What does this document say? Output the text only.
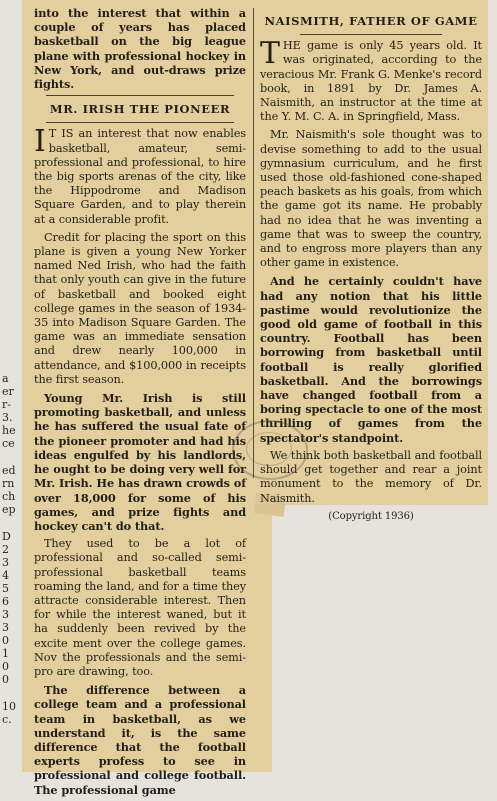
a
er
r-
3.
he
ce
ed
rn
ch
ep
D
2
3
4
5
6
3
3
0
1
0
0
10
c.

into the interest that within a couple of years has placed basketball on the big league plane with professional hockey in New York, and out-draws prize fights.

MR. IRISH THE PIONEER

I T IS an interest that now enables basketball, amateur, semi-professional and professional, to hire the big sports arenas of the city, like the Hippodrome and Madison Square Garden, and to play therein at a considerable profit.

Credit for placing the sport on this plane is given a young New Yorker named Ned Irish, who had the faith that only youth can give in the future of basketball and booked eight college games in the season of 1934-35 into Madison Square Garden. The game was an immediate sensation and drew nearly 100,000 in attendance, and $100,000 in receipts the first season.

Young Mr. Irish is still promoting basketball, and unless he has suffered the usual fate of the pioneer promoter and had his ideas engulfed by his landlords, he ought to be doing very well for Mr. Irish. He has drawn crowds of over 18,000 for some of his games, and prize fights and hockey can't do that.

They used to be a lot of professional and so-called semi-professional basketball teams roaming the land, and for a time they attracte considerable interest. Then for while the interest waned, but it ha suddenly been revived by the excite ment over the college games. Nov the professionals and the semi-pro are drawing, too.

The difference between a college team and a professional team in basketball, as we understand it, is the same difference that the football experts profess to see in professional and college football. The professional game

NAISMITH, FATHER OF GAME

THE game is only 45 years old. It was originated, according to the veracious Mr. Frank G. Menke's record book, in 1891 by Dr. James A. Naismith, an instructor at the time at the Y. M. C. A. in Springfield, Mass.

Mr. Naismith's sole thought was to devise something to add to the usual gymnasium curriculum, and he first used those old-fashioned cone-shaped peach baskets as his goals, from which the game got its name. He probably had no idea that he was inventing a game that was to sweep the country, and to engross more players than any other game in existence.

And he certainly couldn't have had any notion that his little pastime would revolutionize the good old game of football in this country. Football has been borrowing from basketball until football is really glorified basketball. And the borrowings have changed football from a boring spectacle to one of the most thrilling of games from the spectator's standpoint.

We think both basketball and football should get together and rear a joint monument to the memory of Dr. Naismith.

(Copyright 1936)
